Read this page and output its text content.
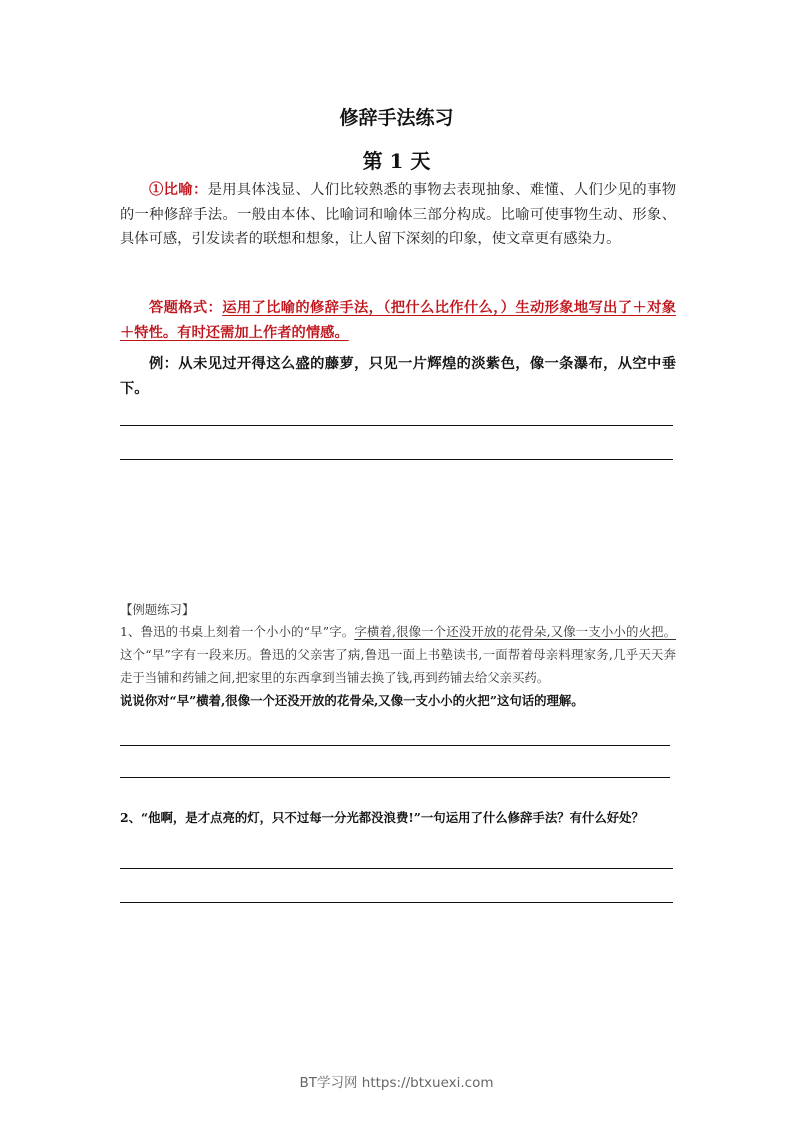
修辞手法练习
第 1 天
①比喻：是用具体浅显、人们比较熟悉的事物去表现抽象、难懂、人们少见的事物的一种修辞手法。一般由本体、比喻词和喻体三部分构成。比喻可使事物生动、形象、具体可感，引发读者的联想和想象，让人留下深刻的印象，使文章更有感染力。
答题格式：运用了比喻的修辞手法，（把什么比作什么，）生动形象地写出了＋对象＋特性。有时还需加上作者的情感。
例：从未见过开得这么盛的藤萝，只见一片辉煌的淡紫色，像一条瀑布，从空中垂下。
【例题练习】
1、鲁迅的书桌上刻着一个小小的“早”字。字横着,很像一个还没开放的花骨朵,又像一支小小的火把。这个“早”字有一段来历。鲁迅的父亲害了病,鲁迅一面上书塾读书,一面帮着母亲料理家务,几乎天天奔走于当铺和药铺之间,把家里的东西拿到当铺去换了钱,再到药铺去给父亲买药。
说说你对“早”横着,很像一个还没开放的花骨朵,又像一支小小的火把”这句话的理解。
2、“他啊，是才点亮的灯，只不过每一分光都没浪费!”一句运用了什么修辞手法？有什么好处？
BT学习网 https://btxuexi.com
